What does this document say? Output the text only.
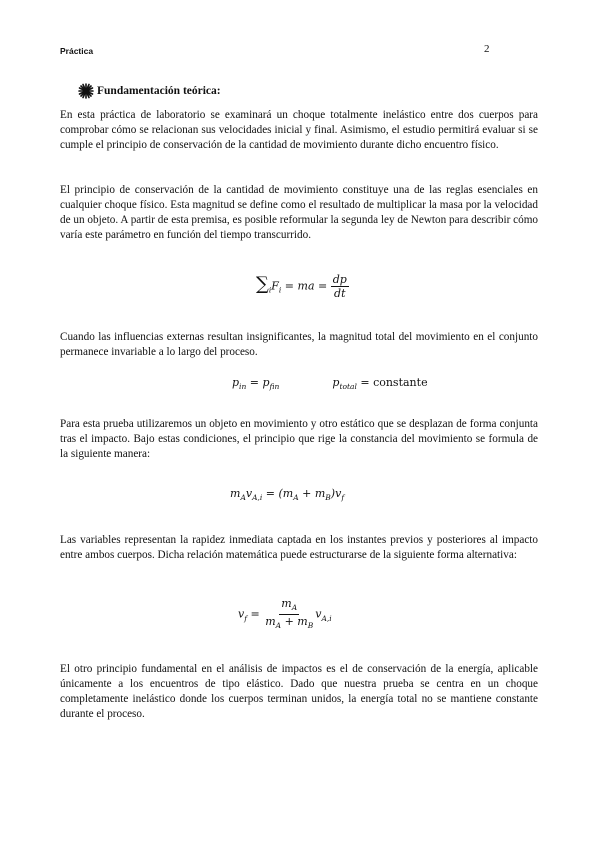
Práctica	2
Fundamentación teórica:

En esta práctica de laboratorio se examinará un choque totalmente inelástico entre dos cuerpos para comprobar cómo se relacionan sus velocidades inicial y final. Asimismo, el estudio permitirá evaluar si se cumple el principio de conservación de la cantidad de movimiento durante dicho encuentro físico.

El principio de conservación de la cantidad de movimiento constituye una de las reglas esenciales en cualquier choque físico. Esta magnitud se define como el resultado de multiplicar la masa por la velocidad de un objeto. A partir de esta premisa, es posible reformular la segunda ley de Newton para describir cómo varía este parámetro en función del tiempo transcurrido.

$\sum_iF_i$ = ma = $\frac{dp}{dt}$

Cuando las influencias externas resultan insignificantes, la magnitud total del movimiento en el conjunto permanece invariable a lo largo del proceso.

$p_{in} = p_{fin}$	$p_{total}$ = constante

Para esta prueba utilizaremos un objeto en movimiento y otro estático que se desplazan de forma conjunta tras el impacto. Bajo estas condiciones, el principio que rige la constancia del movimiento se formula de la siguiente manera:

$m_Av_{A,i} = (m_A + m_B)v_f$

Las variables representan la rapidez inmediata captada en los instantes previos y posteriores al impacto entre ambos cuerpos. Dicha relación matemática puede estructurarse de la siguiente forma alternativa:

$v_f = \frac{m_A}{m_A + m_B} v_{A,i}$

El otro principio fundamental en el análisis de impactos es el de conservación de la energía, aplicable únicamente a los encuentros de tipo elástico. Dado que nuestra prueba se centra en un choque completamente inelástico donde los cuerpos terminan unidos, la energía total no se mantiene constante durante el proceso.
